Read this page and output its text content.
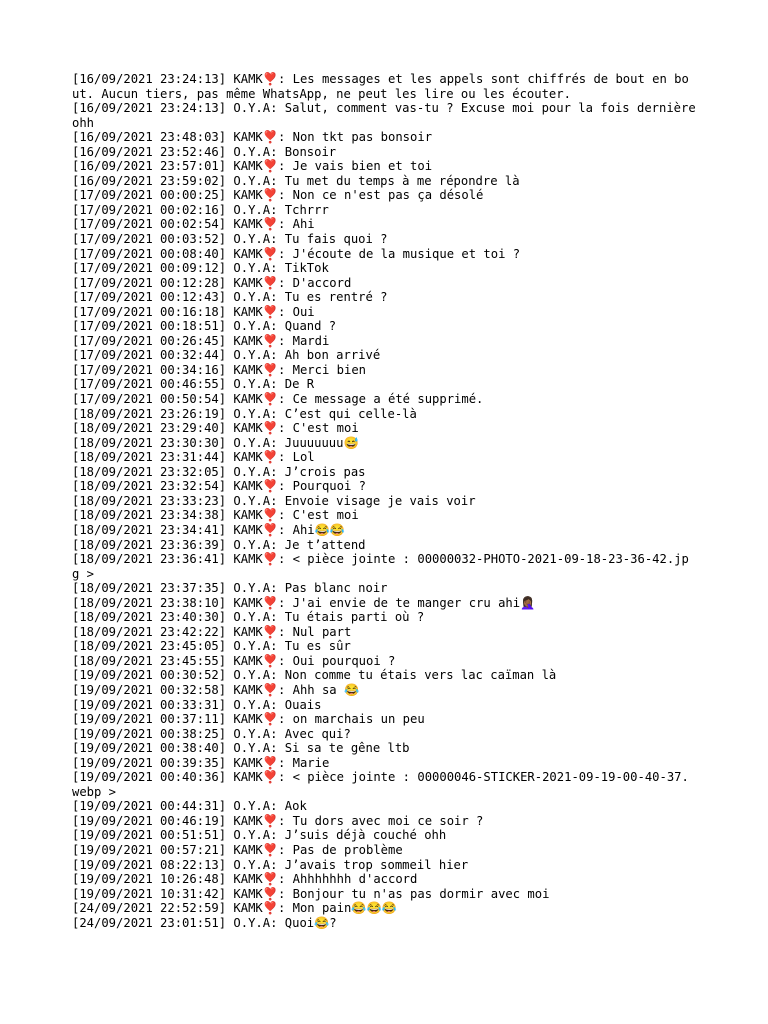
[16/09/2021 23:24:13] KAMK❣️: Les messages et les appels sont chiffrés de bout en bout. Aucun tiers, pas même WhatsApp, ne peut les lire ou les écouter.
[16/09/2021 23:24:13] O.Y.A: Salut, comment vas-tu ? Excuse moi pour la fois dernière ohh
[16/09/2021 23:48:03] KAMK❣️: Non tkt pas bonsoir
[16/09/2021 23:52:46] O.Y.A: Bonsoir
[16/09/2021 23:57:01] KAMK❣️: Je vais bien et toi
[16/09/2021 23:59:02] O.Y.A: Tu met du temps à me répondre là
[17/09/2021 00:00:25] KAMK❣️: Non ce n'est pas ça désolé
[17/09/2021 00:02:16] O.Y.A: Tchrrr
[17/09/2021 00:02:54] KAMK❣️: Ahi
[17/09/2021 00:03:52] O.Y.A: Tu fais quoi ?
[17/09/2021 00:08:40] KAMK❣️: J'écoute de la musique et toi ?
[17/09/2021 00:09:12] O.Y.A: TikTok
[17/09/2021 00:12:28] KAMK❣️: D'accord
[17/09/2021 00:12:43] O.Y.A: Tu es rentré ?
[17/09/2021 00:16:18] KAMK❣️: Oui
[17/09/2021 00:18:51] O.Y.A: Quand ?
[17/09/2021 00:26:45] KAMK❣️: Mardi
[17/09/2021 00:32:44] O.Y.A: Ah bon arrivé
[17/09/2021 00:34:16] KAMK❣️: Merci bien
[17/09/2021 00:46:55] O.Y.A: De R
[17/09/2021 00:50:54] KAMK❣️: Ce message a été supprimé.
[18/09/2021 23:26:19] O.Y.A: C’est qui celle-là
[18/09/2021 23:29:40] KAMK❣️: C'est moi
[18/09/2021 23:30:30] O.Y.A: Juuuuuuu😅
[18/09/2021 23:31:44] KAMK❣️: Lol
[18/09/2021 23:32:05] O.Y.A: J’crois pas
[18/09/2021 23:32:54] KAMK❣️: Pourquoi ?
[18/09/2021 23:33:23] O.Y.A: Envoie visage je vais voir
[18/09/2021 23:34:38] KAMK❣️: C'est moi
[18/09/2021 23:34:41] KAMK❣️: Ahi😂😂
[18/09/2021 23:36:39] O.Y.A: Je t’attend
[18/09/2021 23:36:41] KAMK❣️: < pièce jointe : 00000032-PHOTO-2021-09-18-23-36-42.jpg >
[18/09/2021 23:37:35] O.Y.A: Pas blanc noir
[18/09/2021 23:38:10] KAMK❣️: J'ai envie de te manger cru ahi🤦🏾‍♀️
[18/09/2021 23:40:30] O.Y.A: Tu étais parti où ?
[18/09/2021 23:42:22] KAMK❣️: Nul part
[18/09/2021 23:45:05] O.Y.A: Tu es sûr
[18/09/2021 23:45:55] KAMK❣️: Oui pourquoi ?
[19/09/2021 00:30:52] O.Y.A: Non comme tu étais vers lac caïman là
[19/09/2021 00:32:58] KAMK❣️: Ahh sa 😂
[19/09/2021 00:33:31] O.Y.A: Ouais
[19/09/2021 00:37:11] KAMK❣️: on marchais un peu
[19/09/2021 00:38:25] O.Y.A: Avec qui?
[19/09/2021 00:38:40] O.Y.A: Si sa te gêne ltb
[19/09/2021 00:39:35] KAMK❣️: Marie
[19/09/2021 00:40:36] KAMK❣️: < pièce jointe : 00000046-STICKER-2021-09-19-00-40-37.webp >
[19/09/2021 00:44:31] O.Y.A: Aok
[19/09/2021 00:46:19] KAMK❣️: Tu dors avec moi ce soir ?
[19/09/2021 00:51:51] O.Y.A: J’suis déjà couché ohh
[19/09/2021 00:57:21] KAMK❣️: Pas de problème
[19/09/2021 08:22:13] O.Y.A: J’avais trop sommeil hier
[19/09/2021 10:26:48] KAMK❣️: Ahhhhhhh d'accord
[19/09/2021 10:31:42] KAMK❣️: Bonjour tu n'as pas dormir avec moi
[24/09/2021 22:52:59] KAMK❣️: Mon pain😂😂😂
[24/09/2021 23:01:51] O.Y.A: Quoi😂?
